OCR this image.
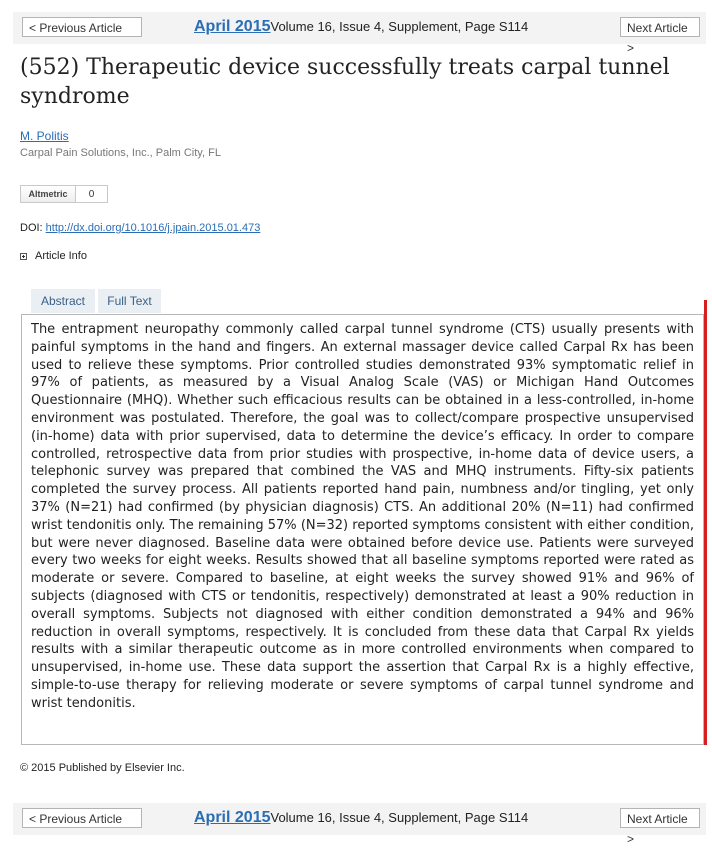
< Previous Article	April 2015Volume 16, Issue 4, Supplement, Page S114	Next Article >
(552) Therapeutic device successfully treats carpal tunnel syndrome
M. Politis
Carpal Pain Solutions, Inc., Palm City, FL
Altmetric	0
DOI: http://dx.doi.org/10.1016/j.jpain.2015.01.473
Article Info
Abstract	Full Text

The entrapment neuropathy commonly called carpal tunnel syndrome (CTS) usually presents with painful symptoms in the hand and fingers. An external massager device called Carpal Rx has been used to relieve these symptoms. Prior controlled studies demonstrated 93% symptomatic relief in 97% of patients, as measured by a Visual Analog Scale (VAS) or Michigan Hand Outcomes Questionnaire (MHQ). Whether such efficacious results can be obtained in a less-controlled, in-home environment was postulated. Therefore, the goal was to collect/compare prospective unsupervised (in-home) data with prior supervised, data to determine the device’s efficacy. In order to compare controlled, retrospective data from prior studies with prospective, in-home data of device users, a telephonic survey was prepared that combined the VAS and MHQ instruments. Fifty-six patients completed the survey process. All patients reported hand pain, numbness and/or tingling, yet only 37% (N=21) had confirmed (by physician diagnosis) CTS. An additional 20% (N=11) had confirmed wrist tendonitis only. The remaining 57% (N=32) reported symptoms consistent with either condition, but were never diagnosed. Baseline data were obtained before device use. Patients were surveyed every two weeks for eight weeks. Results showed that all baseline symptoms reported were rated as moderate or severe. Compared to baseline, at eight weeks the survey showed 91% and 96% of subjects (diagnosed with CTS or tendonitis, respectively) demonstrated at least a 90% reduction in overall symptoms. Subjects not diagnosed with either condition demonstrated a 94% and 96% reduction in overall symptoms, respectively. It is concluded from these data that Carpal Rx yields results with a similar therapeutic outcome as in more controlled environments when compared to unsupervised, in-home use. These data support the assertion that Carpal Rx is a highly effective, simple-to-use therapy for relieving moderate or severe symptoms of carpal tunnel syndrome and wrist tendonitis.

© 2015 Published by Elsevier Inc.
< Previous Article	April 2015Volume 16, Issue 4, Supplement, Page S114	Next Article >
